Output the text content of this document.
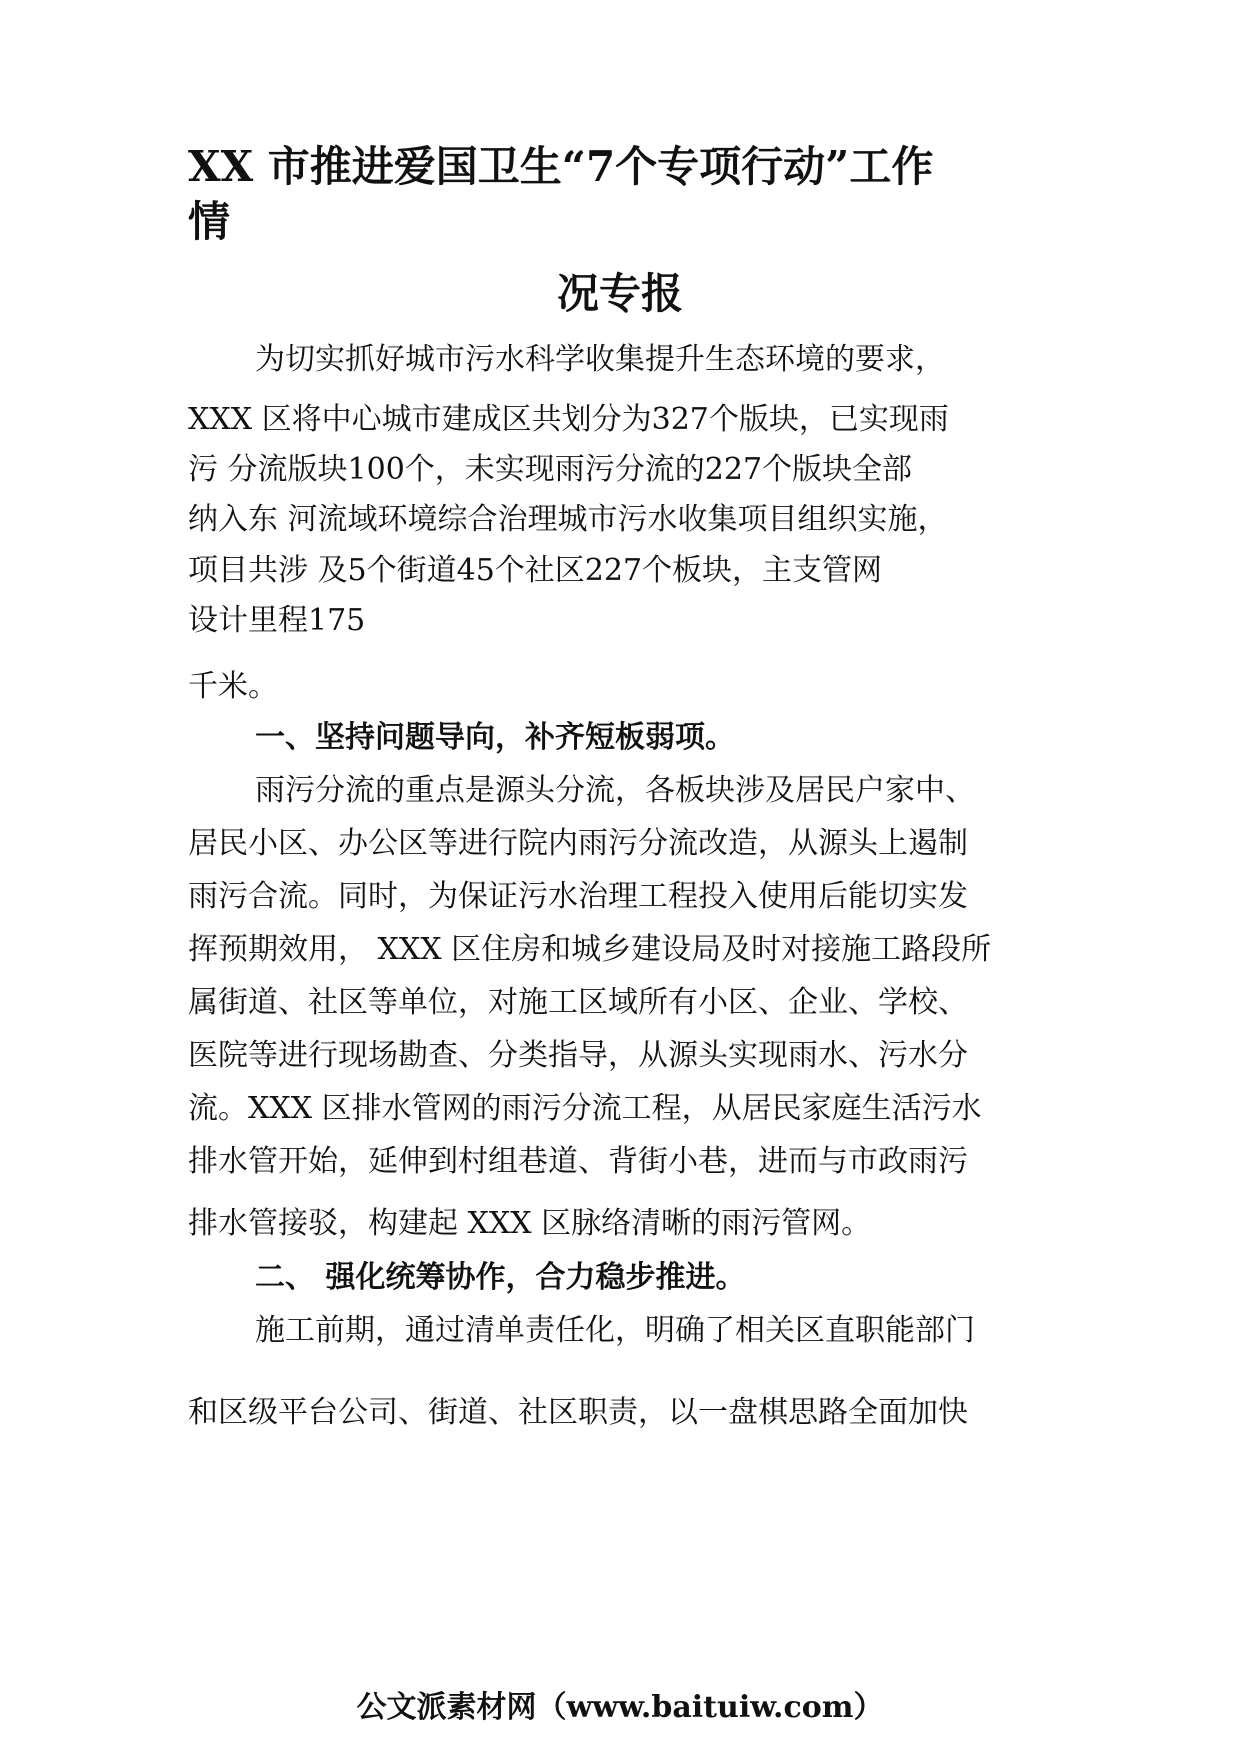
XX 市推进爱国卫生“7个专项行动”工作
情
况专报

为切实抓好城市污水科学收集提升生态环境的要求，

XXX 区将中心城市建成区共划分为327个版块，已实现雨

污 分流版块100个，未实现雨污分流的227个版块全部

纳入东 河流域环境综合治理城市污水收集项目组织实施，

项目共涉 及5个街道45个社区227个板块，主支管网

设计里程175

千米。

一、坚持问题导向，补齐短板弱项。

雨污分流的重点是源头分流，各板块涉及居民户家中、

居民小区、办公区等进行院内雨污分流改造，从源头上遏制

雨污合流。同时，为保证污水治理工程投入使用后能切实发

挥预期效用， XXX 区住房和城乡建设局及时对接施工路段所

属街道、社区等单位，对施工区域所有小区、企业、学校、

医院等进行现场勘查、分类指导，从源头实现雨水、污水分

流。XXX 区排水管网的雨污分流工程，从居民家庭生活污水

排水管开始，延伸到村组巷道、背街小巷，进而与市政雨污

排水管接驳，构建起 XXX 区脉络清晰的雨污管网。

二、 强化统筹协作，合力稳步推进。

施工前期，通过清单责任化，明确了相关区直职能部门

和区级平台公司、街道、社区职责，以一盘棋思路全面加快

公文派素材网（www.baituiw.com）
